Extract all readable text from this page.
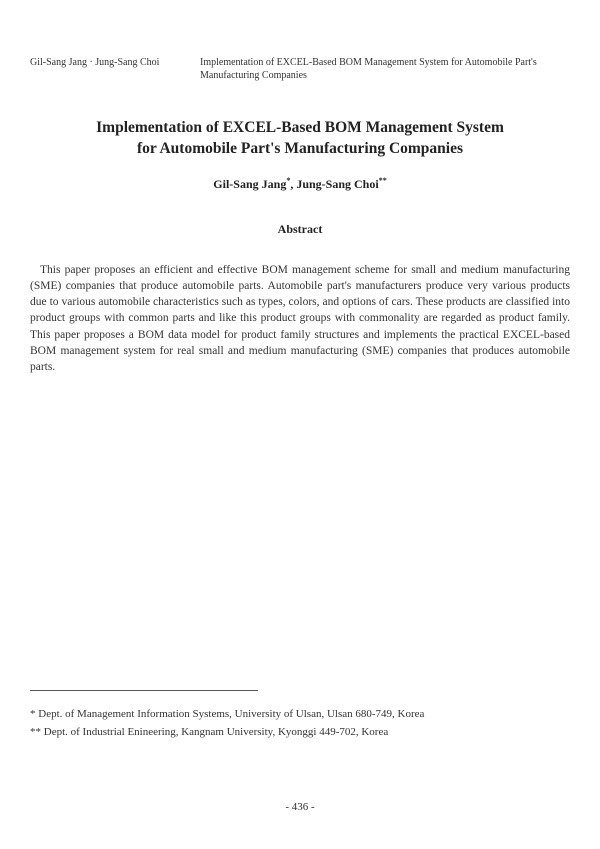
Gil-Sang Jang · Jung-Sang Choi	Implementation of EXCEL-Based BOM Management System for Automobile Part's Manufacturing Companies
Implementation of EXCEL-Based BOM Management System
for Automobile Part's Manufacturing Companies
Gil-Sang Jang*, Jung-Sang Choi**
Abstract

This paper proposes an efficient and effective BOM management scheme for small and medium manufacturing (SME) companies that produce automobile parts. Automobile part's manufacturers produce very various products due to various automobile characteristics such as types, colors, and options of cars. These products are classified into product groups with common parts and like this product groups with commonality are regarded as product family. This paper proposes a BOM data model for product family structures and implements the practical EXCEL-based BOM management system for real small and medium manufacturing (SME) companies that produces automobile parts.

* Dept. of Management Information Systems, University of Ulsan, Ulsan 680-749, Korea
** Dept. of Industrial Enineering, Kangnam University, Kyonggi 449-702, Korea
- 436 -
